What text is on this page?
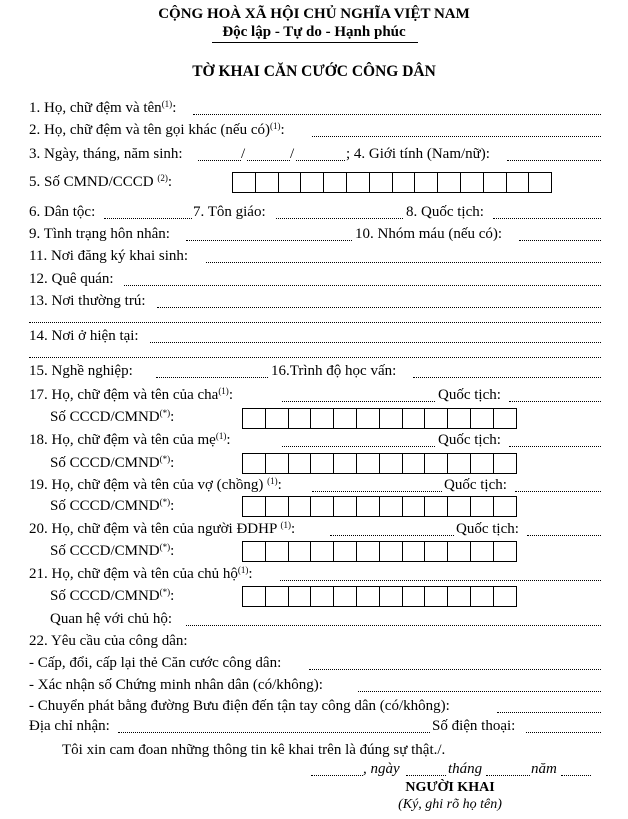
CỘNG HOÀ XÃ HỘI CHỦ NGHĨA VIỆT NAM
Độc lập - Tự do - Hạnh phúc
TỜ KHAI CĂN CƯỚC CÔNG DÂN
1. Họ, chữ đệm và tên$^{(1)}$:
2. Họ, chữ đệm và tên gọi khác (nếu có)$^{(1)}$:
3. Ngày, tháng, năm sinh:	/	/	; 4. Giới tính (Nam/nữ):
5. Số CMND/CCCD $^{(2)}$:
6. Dân tộc:	7. Tôn giáo:	8. Quốc tịch:
9. Tình trạng hôn nhân:	10. Nhóm máu (nếu có):
11. Nơi đăng ký khai sinh:
12. Quê quán:
13. Nơi thường trú:
14. Nơi ở hiện tại:
15. Nghề nghiệp:	16.Trình độ học vấn:
17. Họ, chữ đệm và tên của cha$^{(1)}$:	Quốc tịch:
Số CCCD/CMND(*):
18. Họ, chữ đệm và tên của mẹ$^{(1)}$:	Quốc tịch:
Số CCCD/CMND(*):
19. Họ, chữ đệm và tên của vợ (chồng) $^{(1)}$:	Quốc tịch:
Số CCCD/CMND(*):
20. Họ, chữ đệm và tên của người ĐDHP $^{(1)}$:	Quốc tịch:
Số CCCD/CMND(*):
21. Họ, chữ đệm và tên của chủ hộ$^{(1)}$:
Số CCCD/CMND(*):
Quan hệ với chủ hộ:
22. Yêu cầu của công dân:
- Cấp, đổi, cấp lại thẻ Căn cước công dân:
- Xác nhận số Chứng minh nhân dân (có/không):
- Chuyển phát bằng đường Bưu điện đến tận tay công dân (có/không):
Địa chỉ nhận:	Số điện thoại:
Tôi xin cam đoan những thông tin kê khai trên là đúng sự thật./.
, ngày	tháng	năm
NGƯỜI KHAI
(Ký, ghi rõ họ tên)
